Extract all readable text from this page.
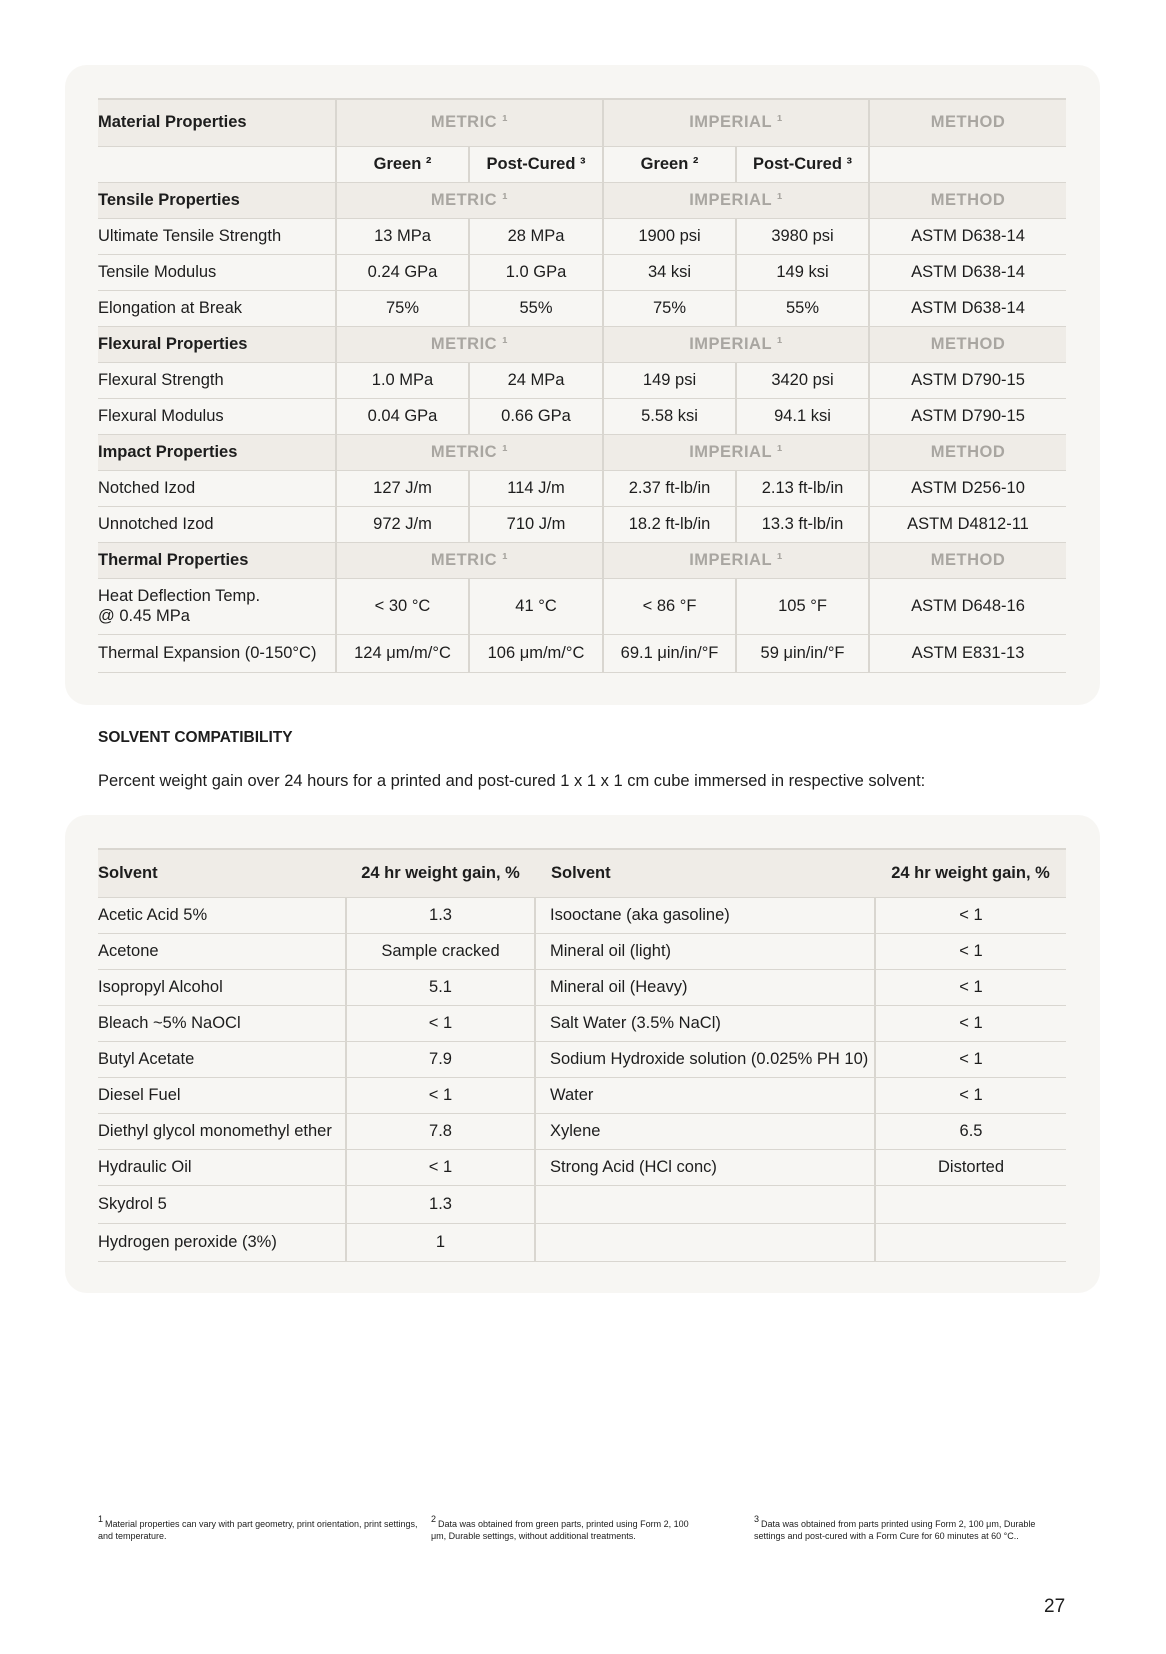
Material Properties	METRIC ¹		IMPERIAL ¹		METHOD
	Green ²	Post-Cured ³	Green ²	Post-Cured ³	
Tensile Properties	METRIC ¹		IMPERIAL ¹		METHOD

Ultimate Tensile Strength	13 MPa	28 MPa	1900 psi	3980 psi	ASTM D638-14

Tensile Modulus	0.24 GPa	1.0 GPa	34 ksi	149 ksi	ASTM D638-14

Elongation at Break	75%	55%	75%	55%	ASTM D638-14
Flexural Properties	METRIC ¹		IMPERIAL ¹		METHOD

Flexural Strength	1.0 MPa	24 MPa	149 psi	3420 psi	ASTM D790-15

Flexural Modulus	0.04 GPa	0.66 GPa	5.58 ksi	94.1 ksi	ASTM D790-15
Impact Properties	METRIC ¹		IMPERIAL ¹		METHOD

Notched Izod	127 J/m	114 J/m	2.37 ft-lb/in	2.13 ft-lb/in	ASTM D256-10

Unnotched Izod	972 J/m	710 J/m	18.2 ft-lb/in	13.3 ft-lb/in	ASTM D4812-11
Thermal Properties	METRIC ¹		IMPERIAL ¹		METHOD

Heat Deflection Temp.
@ 0.45 MPa	< 30 °C	41 °C	< 86 °F	105 °F	ASTM D648-16

Thermal Expansion (0-150°C)	124 μm/m/°C	106 μm/m/°C	69.1 μin/in/°F	59 μin/in/°F	ASTM E831-13
SOLVENT COMPATIBILITY
Percent weight gain over 24 hours for a printed and post-cured 1 x 1 x 1 cm cube immersed in respective solvent:
Solvent	24 hr weight gain, %	Solvent	24 hr weight gain, %
Acetic Acid 5%	1.3	Isooctane (aka gasoline)	< 1
Acetone	Sample cracked	Mineral oil (light)	< 1
Isopropyl Alcohol	5.1	Mineral oil (Heavy)	< 1
Bleach ~5% NaOCl	< 1	Salt Water (3.5% NaCl)	< 1
Butyl Acetate	7.9	Sodium Hydroxide solution (0.025% PH 10)	< 1
Diesel Fuel	< 1	Water	< 1
Diethyl glycol monomethyl ether	7.8	Xylene	6.5
Hydraulic Oil	< 1	Strong Acid (HCl conc)	Distorted
Skydrol 5	1.3		
Hydrogen peroxide (3%)	1		
$^1$ Material properties can vary with part geometry, print orientation, print settings, and temperature.
$^2$ Data was obtained from green parts, printed using Form 2, 100 μm, Durable settings, without additional treatments.
$^3$ Data was obtained from parts printed using Form 2, 100 μm, Durable settings and post-cured with a Form Cure for 60 minutes at 60 °C..
27
